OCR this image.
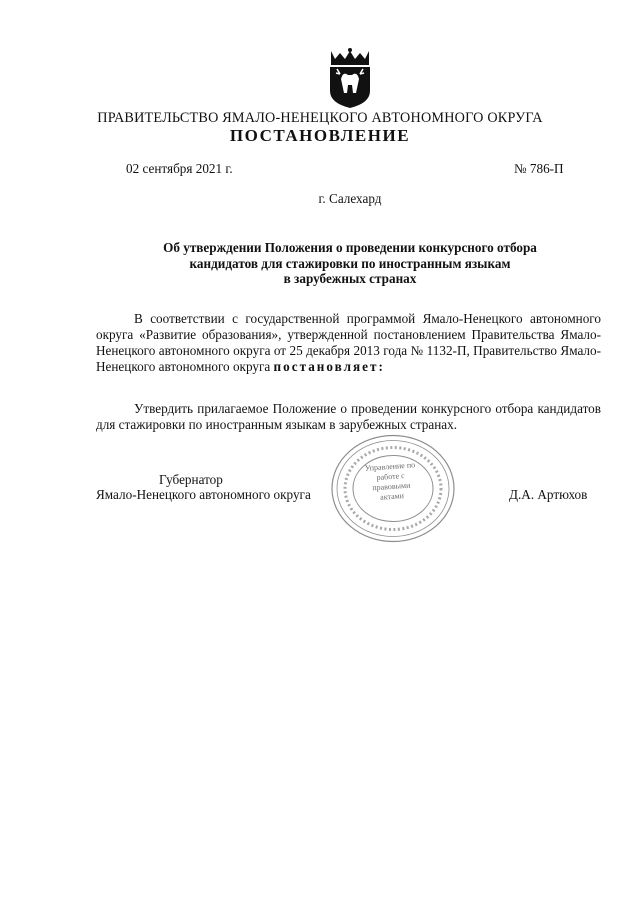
ПРАВИТЕЛЬСТВО ЯМАЛО-НЕНЕЦКОГО АВТОНОМНОГО ОКРУГА
ПОСТАНОВЛЕНИЕ
02 сентября 2021 г.	№ 786-П
г. Салехард
Об утверждении Положения о проведении конкурсного отбора
кандидатов для стажировки по иностранным языкам
в зарубежных странах
В соответствии с государственной программой Ямало-Ненецкого автономного округа «Развитие образования», утвержденной постановлением Правительства Ямало-Ненецкого автономного округа от 25 декабря 2013 года № 1132-П, Правительство Ямало-Ненецкого автономного округа постановляет:
Утвердить прилагаемое Положение о проведении конкурсного отбора кандидатов для стажировки по иностранным языкам в зарубежных странах.
Управление по работе с правовыми актами
Губернатор
Ямало-Ненецкого автономного округа	Д.А. Артюхов
